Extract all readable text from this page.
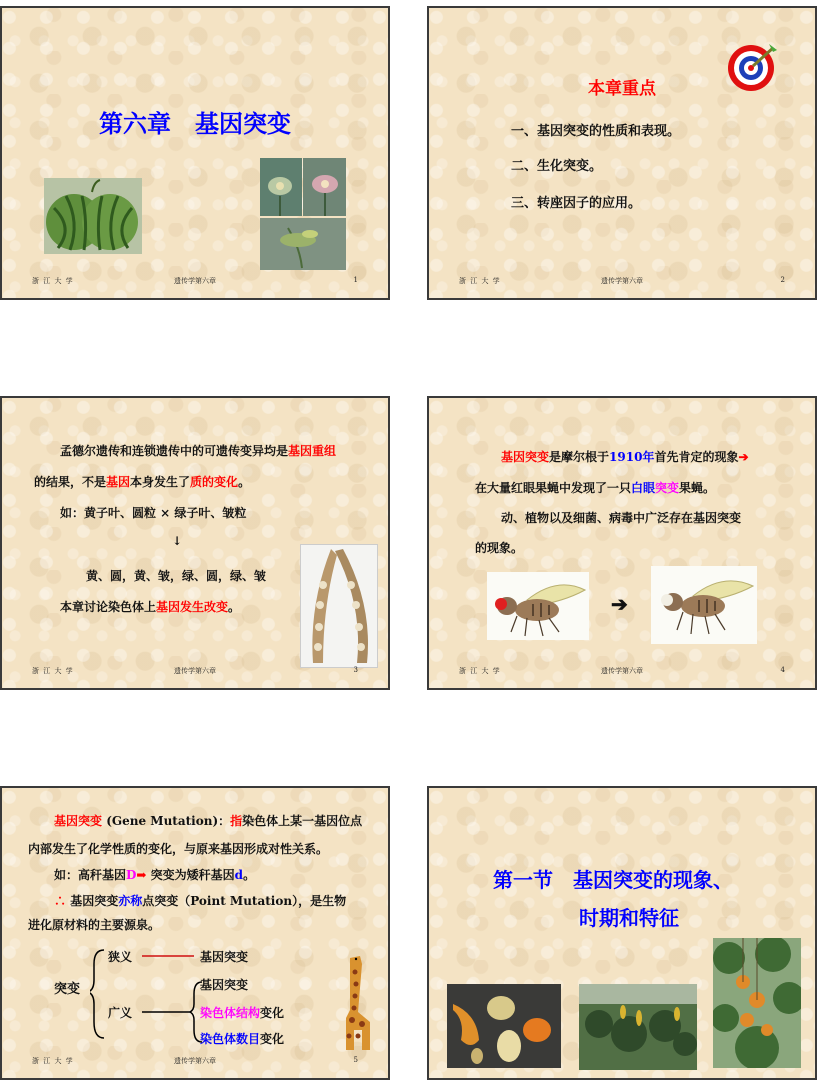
第六章　基因突变
浙 江 大 学	遗传学第六章	1
本章重点
一、基因突变的性质和表现。
二、生化突变。
三、转座因子的应用。
浙 江 大 学	遗传学第六章	2
孟德尔遗传和连锁遗传中的可遗传变异均是基因重组
的结果，不是基因本身发生了质的变化。
如：黄子叶、圆粒 × 绿子叶、皱粒
↓
黄、圆，黄、皱，绿、圆，绿、皱
本章讨论染色体上基因发生改变。
浙 江 大 学	遗传学第六章	3
基因突变是摩尔根于1910年首先肯定的现象➔
在大量红眼果蝇中发现了一只白眼突变果蝇。
动、植物以及细菌、病毒中广泛存在基因突变
的现象。
➔
浙 江 大 学	遗传学第六章	4
基因突变 (Gene Mutation)：指染色体上某一基因位点
内部发生了化学性质的变化，与原来基因形成对性关系。
如：高秆基因D➡ 突变为矮秆基因d。
∴ 基因突变亦称点突变（Point Mutation），是生物
进化原材料的主要源泉。
突变
狭义	基因突变
广义
基因突变
染色体结构变化
染色体数目变化
浙 江 大 学	遗传学第六章	5
第一节　基因突变的现象、
时期和特征
